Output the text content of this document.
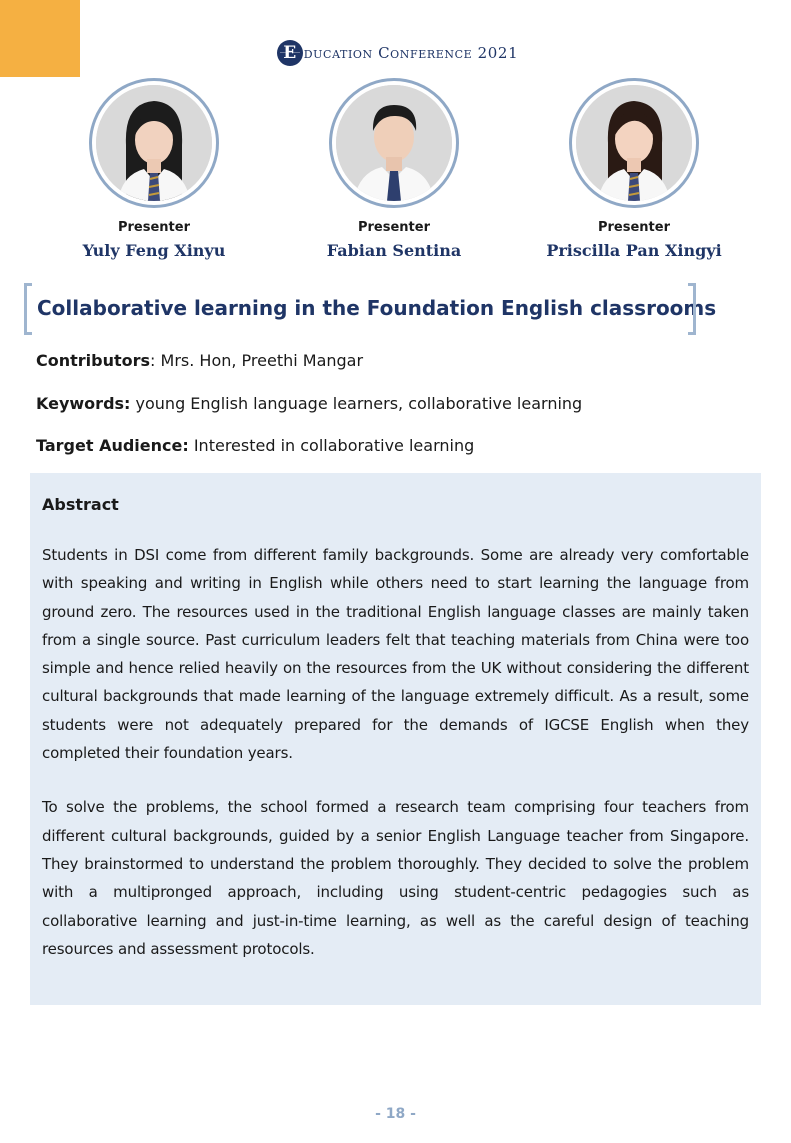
E ducation Conference 2021
Presenter
Yuly Feng Xinyu
Presenter
Fabian Sentina
Presenter
Priscilla Pan Xingyi
Collaborative learning in the Foundation English classrooms
Contributors: Mrs. Hon, Preethi Mangar
Keywords: young English language learners, collaborative learning
Target Audience: Interested in collaborative learning
Abstract

Students in DSI come from different family backgrounds. Some are already very comfortable with speaking and writing in English while others need to start learning the language from ground zero. The resources used in the traditional English language classes are mainly taken from a single source. Past curriculum leaders felt that teaching materials from China were too simple and hence relied heavily on the resources from the UK without considering the different cultural backgrounds that made learning of the language extremely difficult. As a result, some students were not adequately prepared for the demands of IGCSE English when they completed their foundation years.

To solve the problems, the school formed a research team comprising four teachers from different cultural backgrounds, guided by a senior English Language teacher from Singapore. They brainstormed to understand the problem thoroughly. They decided to solve the problem with a multipronged approach, including using student-centric pedagogies such as collaborative learning and just-in-time learning, as well as the careful design of teaching resources and assessment protocols.

- 18 -
